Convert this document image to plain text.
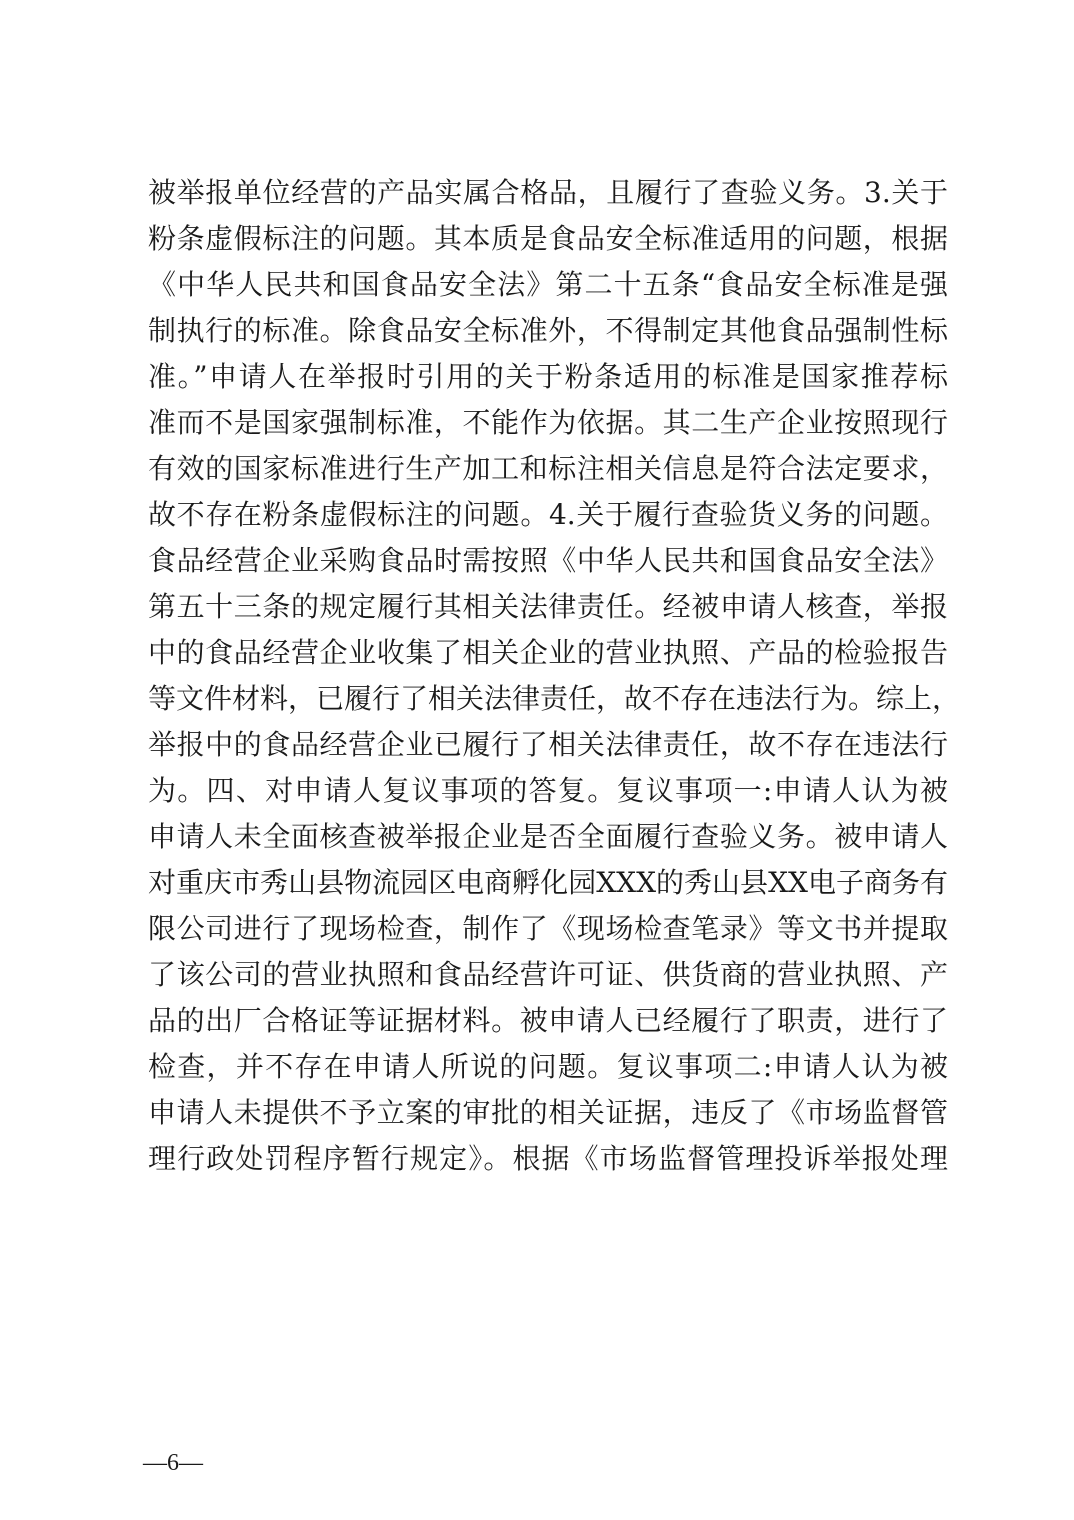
被举报单位经营的产品实属合格品，且履行了查验义务。3.关于
粉条虚假标注的问题。其本质是食品安全标准适用的问题，根据
《中华人民共和国食品安全法》第二十五条“食品安全标准是强
制执行的标准。除食品安全标准外，不得制定其他食品强制性标
准。”申请人在举报时引用的关于粉条适用的标准是国家推荐标
准而不是国家强制标准，不能作为依据。其二生产企业按照现行
有效的国家标准进行生产加工和标注相关信息是符合法定要求，
故不存在粉条虚假标注的问题。4.关于履行查验货义务的问题。
食品经营企业采购食品时需按照《中华人民共和国食品安全法》
第五十三条的规定履行其相关法律责任。经被申请人核查，举报
中的食品经营企业收集了相关企业的营业执照、产品的检验报告
等文件材料，已履行了相关法律责任，故不存在违法行为。综上，
举报中的食品经营企业已履行了相关法律责任，故不存在违法行
为。四、对申请人复议事项的答复。复议事项一:申请人认为被
申请人未全面核查被举报企业是否全面履行查验义务。被申请人
对重庆市秀山县物流园区电商孵化园XXX的秀山县XX电子商务有
限公司进行了现场检查，制作了《现场检查笔录》等文书并提取
了该公司的营业执照和食品经营许可证、供货商的营业执照、产
品的出厂合格证等证据材料。被申请人已经履行了职责，进行了
检查，并不存在申请人所说的问题。复议事项二:申请人认为被
申请人未提供不予立案的审批的相关证据，违反了《市场监督管
理行政处罚程序暂行规定》。根据《市场监督管理投诉举报处理
—6—
